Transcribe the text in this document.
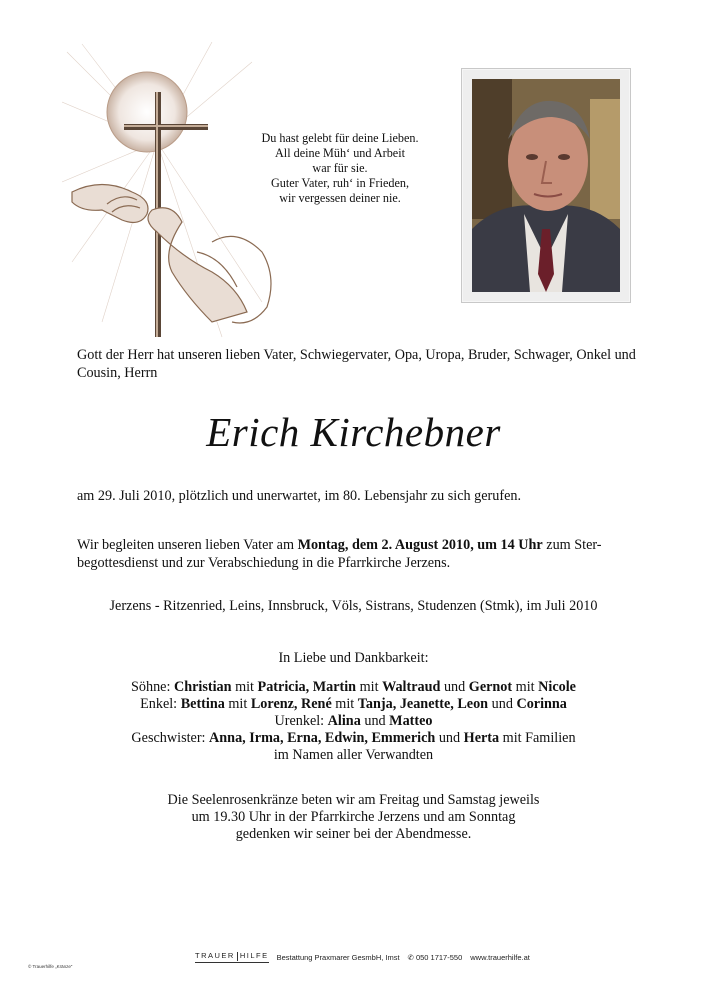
Du hast gelebt für deine Lieben.
All deine Müh‘ und Arbeit
war für sie.
Guter Vater, ruh‘ in Frieden,
wir vergessen deiner nie.
Gott der Herr hat unseren lieben Vater, Schwiegervater, Opa, Uropa, Bruder, Schwager, Onkel und Cousin, Herrn
Erich Kirchebner
am 29. Juli 2010, plötzlich und unerwartet, im 80. Lebensjahr zu sich gerufen.
Wir begleiten unseren lieben Vater am Montag, dem 2. August 2010, um 14 Uhr zum Ster-begottesdienst und zur Verabschiedung in die Pfarrkirche Jerzens.
Jerzens - Ritzenried, Leins, Innsbruck, Völs, Sistrans, Studenzen (Stmk), im Juli 2010
In Liebe und Dankbarkeit:
Söhne: Christian mit Patricia, Martin mit Waltraud und Gernot mit Nicole
Enkel: Bettina mit Lorenz, René mit Tanja, Jeanette, Leon und Corinna
Urenkel: Alina und Matteo
Geschwister: Anna, Irma, Erna, Edwin, Emmerich und Herta mit Familien
im Namen aller Verwandten
Die Seelenrosenkränze beten wir am Freitag und Samstag jeweils
um 19.30 Uhr in der Pfarrkirche Jerzens und am Sonntag
gedenken wir seiner bei der Abendmesse.
TRAUER HILFE Bestattung Praxmarer GesmbH, Imst ✆ 050 1717-550 www.trauerhilfe.at
© Trauerhilfe „Kränze“
